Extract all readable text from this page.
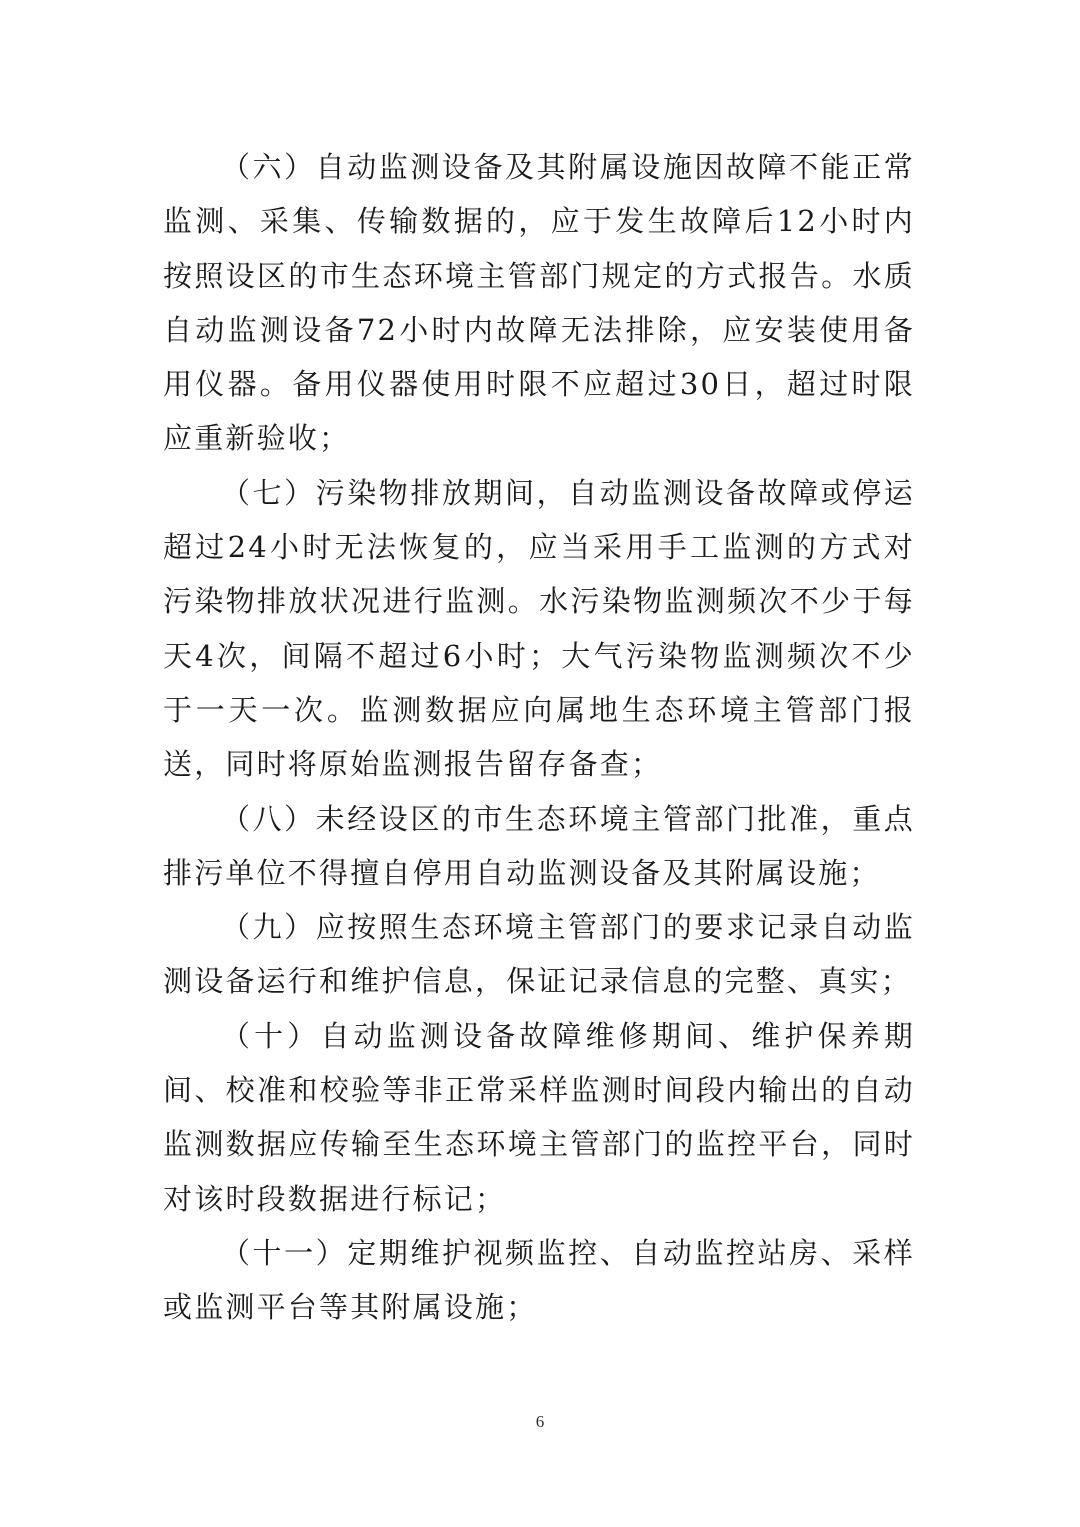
（六）自动监测设备及其附属设施因故障不能正常监测、采集、传输数据的，应于发生故障后12小时内按照设区的市生态环境主管部门规定的方式报告。水质自动监测设备72小时内故障无法排除，应安装使用备用仪器。备用仪器使用时限不应超过30日，超过时限应重新验收；

（七）污染物排放期间，自动监测设备故障或停运超过24小时无法恢复的，应当采用手工监测的方式对污染物排放状况进行监测。水污染物监测频次不少于每天4次，间隔不超过6小时；大气污染物监测频次不少于一天一次。监测数据应向属地生态环境主管部门报送，同时将原始监测报告留存备查；

（八）未经设区的市生态环境主管部门批准，重点排污单位不得擅自停用自动监测设备及其附属设施；

（九）应按照生态环境主管部门的要求记录自动监测设备运行和维护信息，保证记录信息的完整、真实；

（十）自动监测设备故障维修期间、维护保养期间、校准和校验等非正常采样监测时间段内输出的自动监测数据应传输至生态环境主管部门的监控平台，同时对该时段数据进行标记；

（十一）定期维护视频监控、自动监控站房、采样或监测平台等其附属设施；

6
